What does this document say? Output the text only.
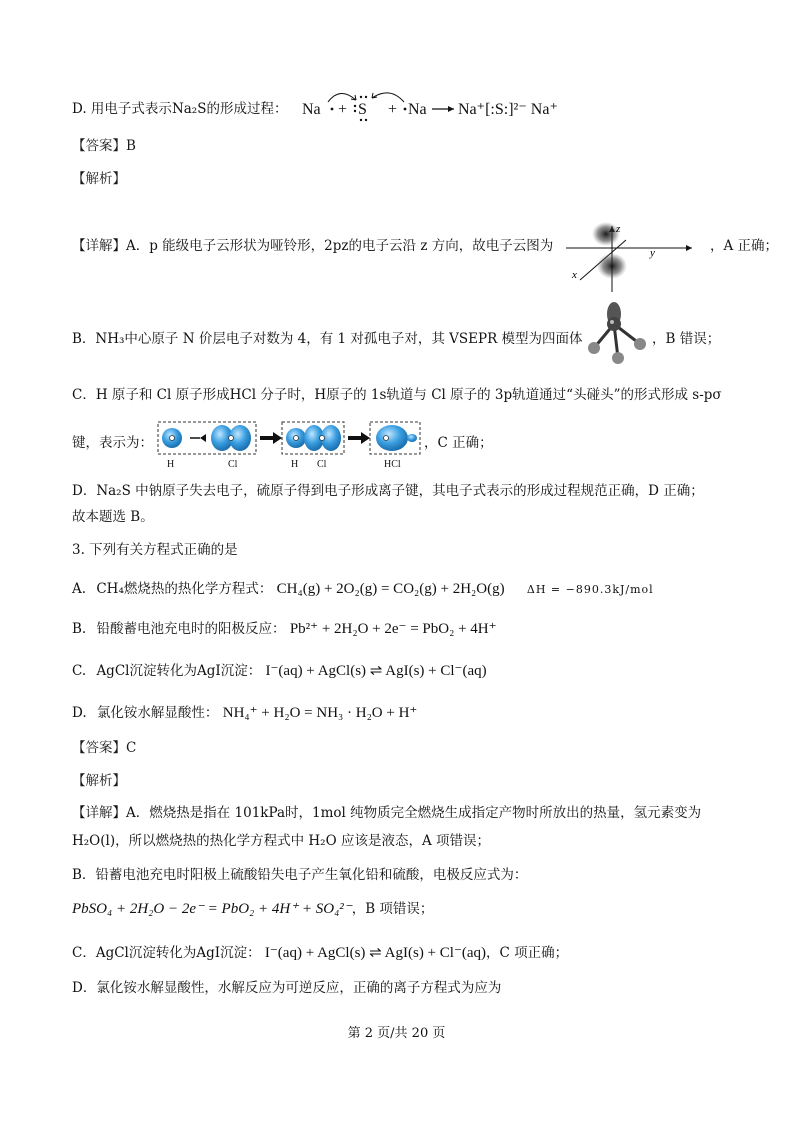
D. 用电子式表示Na₂S的形成过程： Na + S + Na Na⁺[:S:]²⁻ Na⁺
【答案】B
【解析】
【详解】A．p 能级电子云形状为哑铃形，2pz的电子云沿 z 方向，故电子云图为
z
y
x
，A 正确；
B．NH₃中心原子 N 价层电子对数为 4，有 1 对孤电子对，其 VSEPR 模型为四面体	，B 错误；
C．H 原子和 Cl 原子形成HCl 分子时，H原子的 1s轨道与 Cl 原子的 3p轨道通过“头碰头”的形式形成 s-pσ
键，表示为：
H	Cl	H Cl	HCl
，C 正确；
D．Na₂S 中钠原子失去电子，硫原子得到电子形成离子键，其电子式表示的形成过程规范正确，D 正确；
故本题选 B。
3. 下列有关方程式正确的是
A. CH₄燃烧热的热化学方程式： CH₄(g) + 2O₂(g) = CO₂(g) + 2H₂O(g) ΔH = −890.3kJ/mol
B. 铅酸蓄电池充电时的阳极反应： Pb²⁺ + 2H₂O + 2e⁻ = PbO₂ + 4H⁺
C. AgCl沉淀转化为AgI沉淀： I⁻(aq) + AgCl(s) ⇌ AgI(s) + Cl⁻(aq)
D. 氯化铵水解显酸性： NH₄⁺ + H₂O = NH₃ · H₂O + H⁺
【答案】C
【解析】
【详解】A．燃烧热是指在 101kPa时，1mol 纯物质完全燃烧生成指定产物时所放出的热量，氢元素变为
H₂O(l)，所以燃烧热的热化学方程式中 H₂O 应该是液态，A 项错误；
B．铅蓄电池充电时阳极上硫酸铅失电子产生氧化铅和硫酸，电极反应式为：
PbSO₄ + 2H₂O − 2e⁻ = PbO₂ + 4H⁺ + SO₄²⁻，B 项错误；
C．AgCl沉淀转化为AgI沉淀： I⁻(aq) + AgCl(s) ⇌ AgI(s) + Cl⁻(aq)，C 项正确；
D．氯化铵水解显酸性，水解反应为可逆反应，正确的离子方程式为应为
第 2 页/共 20 页
